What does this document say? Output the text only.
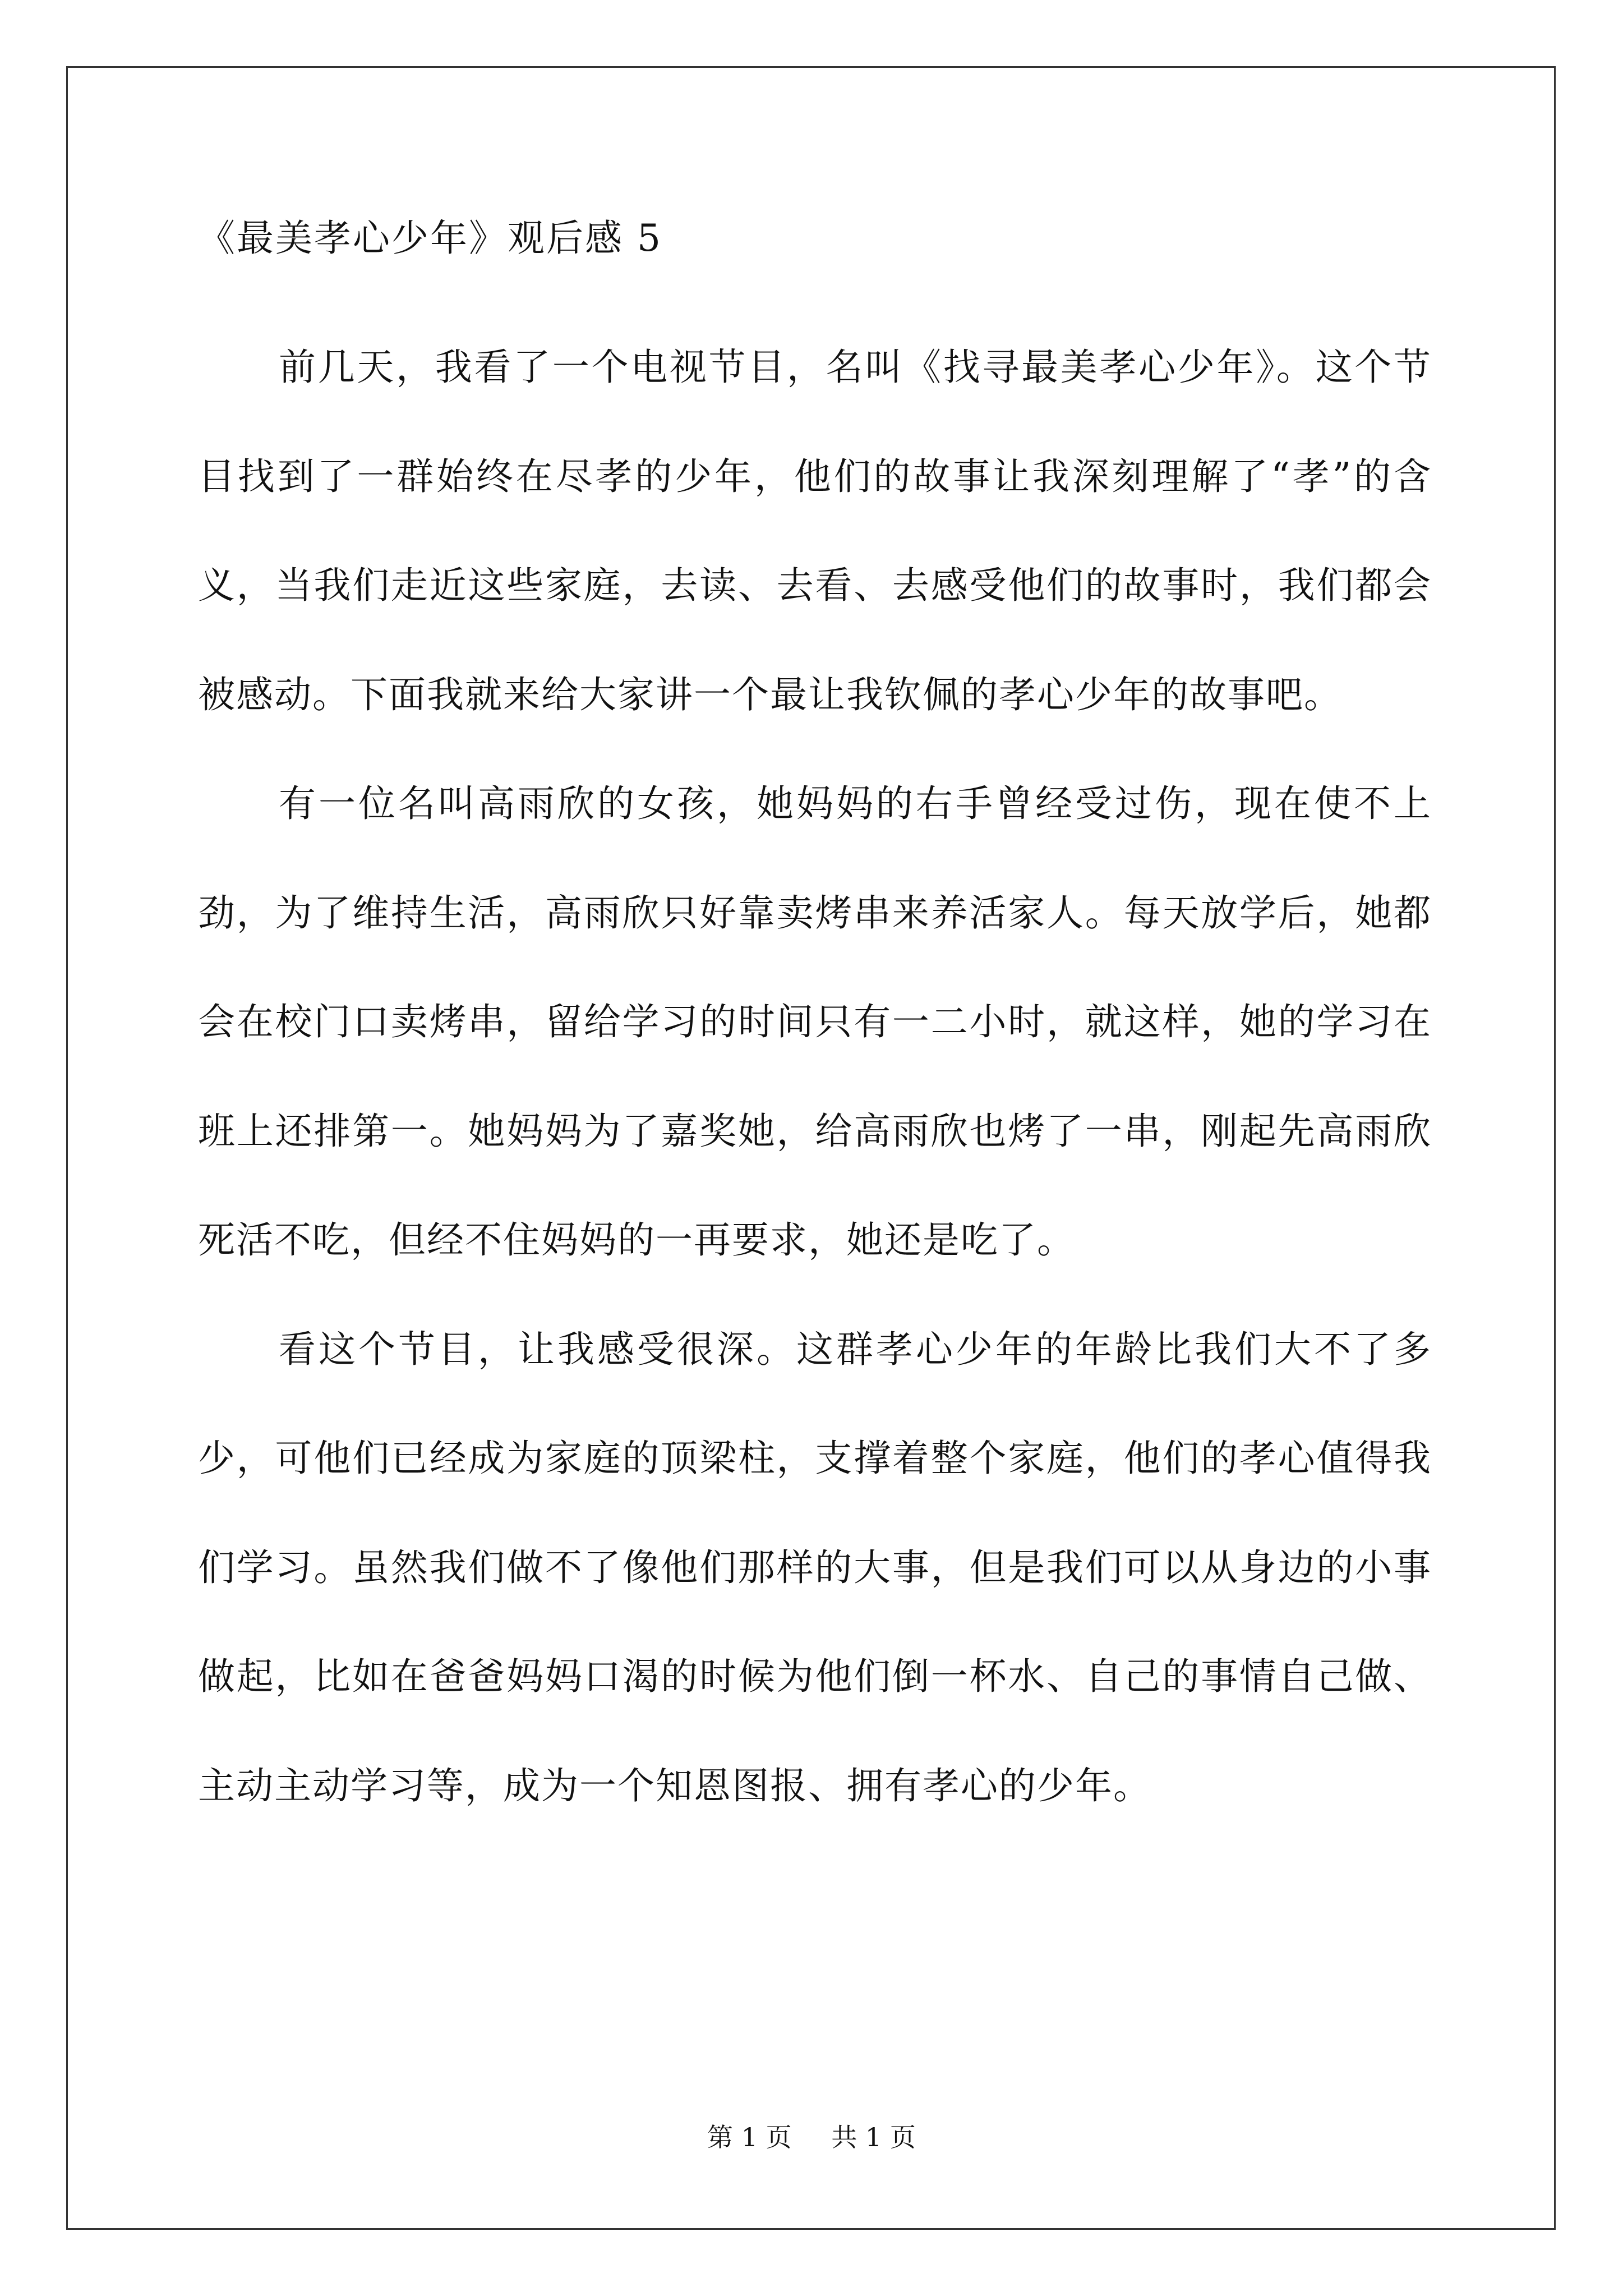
《最美孝心少年》观后感 5

前几天，我看了一个电视节目，名叫《找寻最美孝心少年》。这个节目找到了一群始终在尽孝的少年，他们的故事让我深刻理解了“孝”的含义，当我们走近这些家庭，去读、去看、去感受他们的故事时，我们都会被感动。下面我就来给大家讲一个最让我钦佩的孝心少年的故事吧。

有一位名叫高雨欣的女孩，她妈妈的右手曾经受过伤，现在使不上劲，为了维持生活，高雨欣只好靠卖烤串来养活家人。每天放学后，她都会在校门口卖烤串，留给学习的时间只有一二小时，就这样，她的学习在班上还排第一。她妈妈为了嘉奖她，给高雨欣也烤了一串，刚起先高雨欣死活不吃，但经不住妈妈的一再要求，她还是吃了。

看这个节目，让我感受很深。这群孝心少年的年龄比我们大不了多少，可他们已经成为家庭的顶梁柱，支撑着整个家庭，他们的孝心值得我们学习。虽然我们做不了像他们那样的大事，但是我们可以从身边的小事做起，比如在爸爸妈妈口渴的时候为他们倒一杯水、自己的事情自己做、主动主动学习等，成为一个知恩图报、拥有孝心的少年。

第 1 页 共 1 页
